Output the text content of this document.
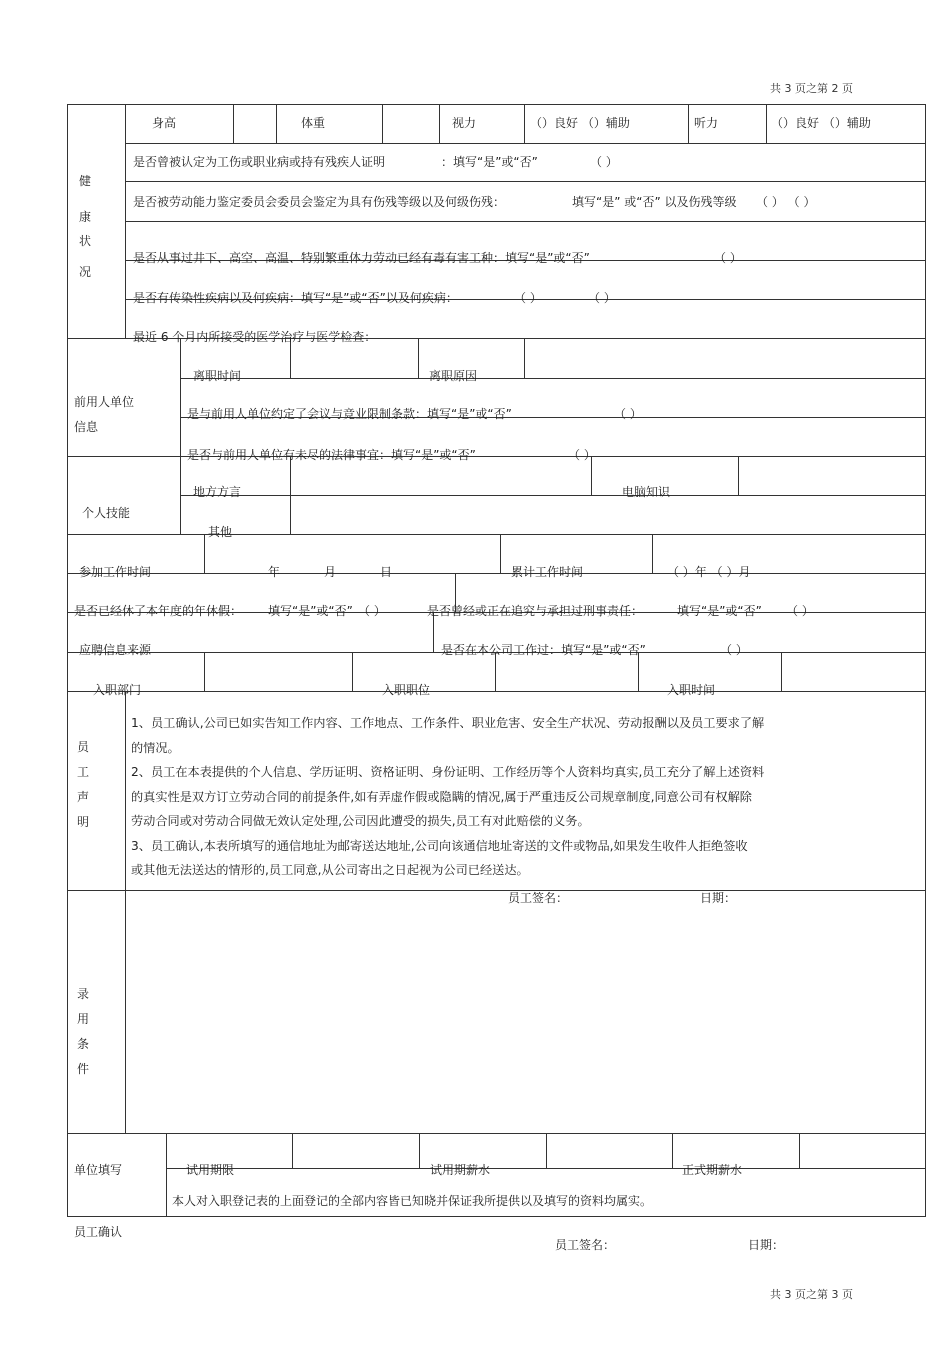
共 3 页之第 2 页
共 3 页之第 3 页
健
康
状
况
身高	体重	视力	（）良好 （）辅助	听力	（）良好 （）辅助
是否曾被认定为工伤或职业病或持有残疾人证明	：填写“是”或“否”	（ ）
是否被劳动能力鉴定委员会委员会鉴定为具有伤残等级以及何级伤残：	填写“是” 或“否” 以及伤残等级 （ ） （ ）
是否从事过井下、高空、高温、特别繁重体力劳动已经有毒有害工种：填写“是”或“否”	（ ）
是否有传染性疾病以及何疾病：填写“是”或“否”以及何疾病：	（ ）	（ ）
最近 6 个月内所接受的医学治疗与医学检查：
前用人单位
信息
离职时间	离职原因
是与前用人单位约定了会议与竞业限制条款：填写“是”或“否”	（ ）
是否与前用人单位有未尽的法律事宜：填写“是”或“否”	（ ）
个人技能
地方方言	电脑知识
其他
参加工作时间	年	月	日	累计工作时间	（ ）年 （ ）月
是否已经休了本年度的年休假： 填写“是”或“否” （ ）	是否曾经或正在追究与承担过刑事责任：	填写“是”或“否” （ ）
应聘信息来源	是否在本公司工作过：填写“是”或“否”	（ ）
入职部门	入职职位	入职时间
员
工
声
明
1、员工确认,公司已如实告知工作内容、工作地点、工作条件、职业危害、安全生产状况、劳动报酬以及员工要求了解
的情况。
2、员工在本表提供的个人信息、学历证明、资格证明、身份证明、工作经历等个人资料均真实,员工充分了解上述资料
的真实性是双方订立劳动合同的前提条件,如有弄虚作假或隐瞒的情况,属于严重违反公司规章制度,同意公司有权解除
劳动合同或对劳动合同做无效认定处理,公司因此遭受的损失,员工有对此赔偿的义务。
3、员工确认,本表所填写的通信地址为邮寄送达地址,公司向该通信地址寄送的文件或物品,如果发生收件人拒绝签收
或其他无法送达的情形的,员工同意,从公司寄出之日起视为公司已经送达。
员工签名：	日期：
录
用
条
件
单位填写	试用期限	试用期薪水	正式期薪水
本人对入职登记表的上面登记的全部内容皆已知晓并保证我所提供以及填写的资料均属实。
员工确认
员工签名：	日期：
